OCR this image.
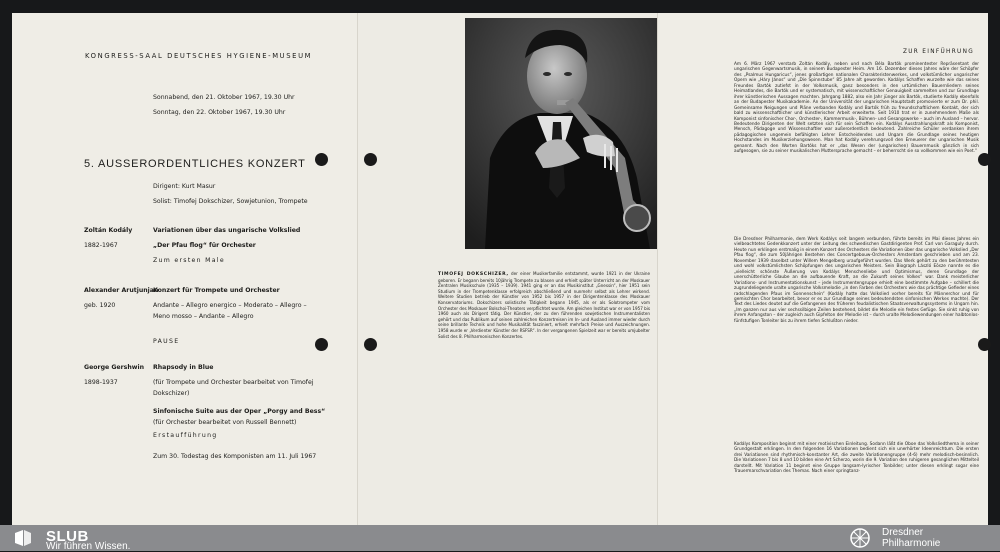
KONGRESS-SAAL DEUTSCHES HYGIENE-MUSEUM
Sonnabend, den 21. Oktober 1967, 19.30 Uhr
Sonntag, den 22. Oktober 1967, 19.30 Uhr
5. AUSSERORDENTLICHES KONZERT
Dirigent: Kurt Masur
Solist: Timofej Dokschizer, Sowjetunion, Trompete
Zoltán Kodály
1882-1967
Variationen über das ungarische Volkslied
„Der Pfau flog“ für Orchester
Zum ersten Male
Alexander Arutjunjan
geb. 1920
Konzert für Trompete und Orchester
Andante – Allegro energico – Moderato – Allegro –
Meno mosso – Andante – Allegro
PAUSE
George Gershwin
1898-1937
Rhapsody in Blue
(für Trompete und Orchester bearbeitet von Timofej
Dokschizer)
Sinfonische Suite aus der Oper „Porgy and Bess“
(für Orchester bearbeitet von Russell Bennett)
Erstaufführung
Zum 30. Todestag des Komponisten am 11. Juli 1967
TIMOFEJ DOKSCHIZER, der einer Musikerfamilie entstammt, wurde 1921 in der Ukraine geboren. Er begann bereits 10jährig Trompete zu blasen und erhielt später Unterricht an der Moskauer Zentralen Musikschule (1935 – 1939). 1941 ging er an das Musikinstitut „Gnessin“, hier 1951 sein Studium in der Trompetenklasse erfolgreich abschließend und nunmehr selbst als Lehrer wirkend. Weitere Studien betrieb der Künstler von 1952 bis 1957 in der Dirigentenklasse des Moskauer Konservatoriums. Dokschizers solistische Tätigkeit begann 1945, als er als Solotrompeter vom Orchester des Moskauer Bolschoi-Theaters verpflichtet wurde. Am gleichen Institut war er von 1957 bis 1960 auch als Dirigent tätig. Der Künstler, der zu den führenden sowjetischen Instrumentalisten gehört und das Publikum auf seinen zahlreichen Konzertreisen im In- und Ausland immer wieder durch seine brillante Technik und hohe Musikalität fasziniert, erhielt mehrfach Preise und Auszeichnungen. 1958 wurde er „Verdienter Künstler der RSFSR“. In der vergangenen Spielzeit war er bereits umjubelter Solist des 8. Philharmonischen Konzertes.
ZUR EINFÜHRUNG
Am 6. März 1967 verstarb Zoltán Kodály, neben und nach Béla Bartók prominentester Repräsentant der ungarischen Gegenwartsmusik, in seinem Budapester Heim. Am 16. Dezember dieses Jahres wäre der Schöpfer des „Psalmus Hungaricus“, jenes großartigen nationalen Charakteristenwerkes, und volkstümlicher ungarischer Opern wie „Háry János“ und „Die Spinnstube“ 85 Jahre alt geworden. Kodálys Schaffen wurzelte wie das seines Freundes Bartók zutiefst in der Volksmusik, ganz besonders in den urtümlichen Bauernliedern seines Heimatlandes, die Bartók und er systematisch, mit wissenschaftlicher Genauigkeit sammelten und zur Grundlage ihrer künstlerischen Aussagen machten. Jahrgang 1882, also ein Jahr jünger als Bartók, studierte Kodály ebenfalls an der Budapester Musikakademie. An der Universität der ungarischen Hauptstadt promovierte er zum Dr. phil. Gemeinsame Neigungen und Pläne verbanden Kodály und Bartók früh zu freundschaftlichem Kontakt, der sich bald zu wissenschaftlicher und künstlerischer Arbeit erweiterte. Seit 1910 trat er in zunehmendem Maße als Komponist sinfonischer Chor-, Orchester-, Kammermusik-, Bühnen- und Gesangswerke – auch im Ausland – hervor. Bedeutende Dirigenten der Welt setzten sich für sein Schaffen ein. Kodálys Ausstrahlungskraft als Komponist, Mensch, Pädagoge und Wissenschaftler war außerordentlich bedeutend. Zahlreiche Schüler verdanken ihrem pädagogischen ungemein befähigten Lehrer Entscheidendes und Ungarn die Grundlage seines heutigen Hochstandes im Musikerziehungswesen. Man hat Kodály verehrungsvoll den Erneuerer der ungarischen Musik genannt. Nach den Worten Bartóks hat er „das Wesen der (ungarischen) Bauernmusik gänzlich in sich aufgesogen, sie zu seiner musikalischen Muttersprache gemacht – er beherrscht sie so vollkommen wie ein Poet.“
Die Dresdner Philharmonie, dem Werk Kodálys seit langem verbunden, führte bereits im Mai dieses Jahres ein vielbeachtetes Gedenkkonzert unter der Leitung des schwedischen Gastdirigenten Prof. Carl von Garaguly durch. Heute nun erklingen erstmalig in einem Konzert des Orchesters die Variationen über das ungarische Volkslied „Der Pfau flog“, die zum 50jährigen Bestehen des Concertgebouw-Orchesters Amsterdam geschrieben und am 23. November 1939 daselbst unter Willem Mengelberg uraufgeführt wurden. Das Werk gehört zu den berühmtesten und wohl volkstümlichsten Schöpfungen des ungarischen Meisters. Sein Biograph László Eösze nannte es die „vielleicht schönste Äußerung von Kodálys Menschenliebe und Optimismus, deren Grundlage der unerschütterliche Glaube an die aufbauende Kraft, an die Zukunft seines Volkes“ war. Dank meisterlicher Variations- und Instrumentationskunst – jede Instrumentengruppe erhielt eine bestimmte Aufgabe – schillert die zugrundeliegende uralte ungarische Volksmelodie „in den Farben des Orchesters wie das prächtige Gefieder eines radschlagenden Pfaus im Sonnenschein“ (Kodály hatte das Volkslied vorher bereits für Männerchor und für gemischten Chor bearbeitet, bevor er es zur Grundlage seines bedeutendsten sinfonischen Werkes machte). Der Text des Liedes deutet auf die Gefangenen des früheren feudalistischen Staatsverwaltungssystems in Ungarn hin. „Im ganzen nur aus vier sechssilbigen Zeilen bestehend, bildet die Melodie ein festes Gefüge. Sie sinkt ruhig von ihrem Anfangston – der zugleich auch Gipfelton der Melodie ist – durch uralte Melodiewendungen einer halbtonlos-fünfstufigen Tonleiter bis zu ihrem tiefen Schlußton nieder.
Kodálys Komposition beginnt mit einer motivischen Einleitung. Sodann läßt die Oboe das Volksliedthema in seiner Grundgestalt erklingen. In den folgenden 16 Variationen bedient sich ein unerhörter Ideenreichtum. Die ersten drei Variationen sind rhythmisch-konstanter Art, die zweite Variationengruppe (4-6) mehr melodisch-besinnlich. Die Variationen 7 bis 8 und 10 bilden eine Art Scherzo, worin die 9. Variation den ruhigeren gesanglichen Mittelteil darstellt. Mit Variation 11 beginnt eine Gruppe langsam-lyrischer Tonbilder; unter diesen erklingt sogar eine Trauermarschvariation des Themas. Nach einer springtanz-
SLUB
Wir führen Wissen.
Dresdner
Philharmonie
